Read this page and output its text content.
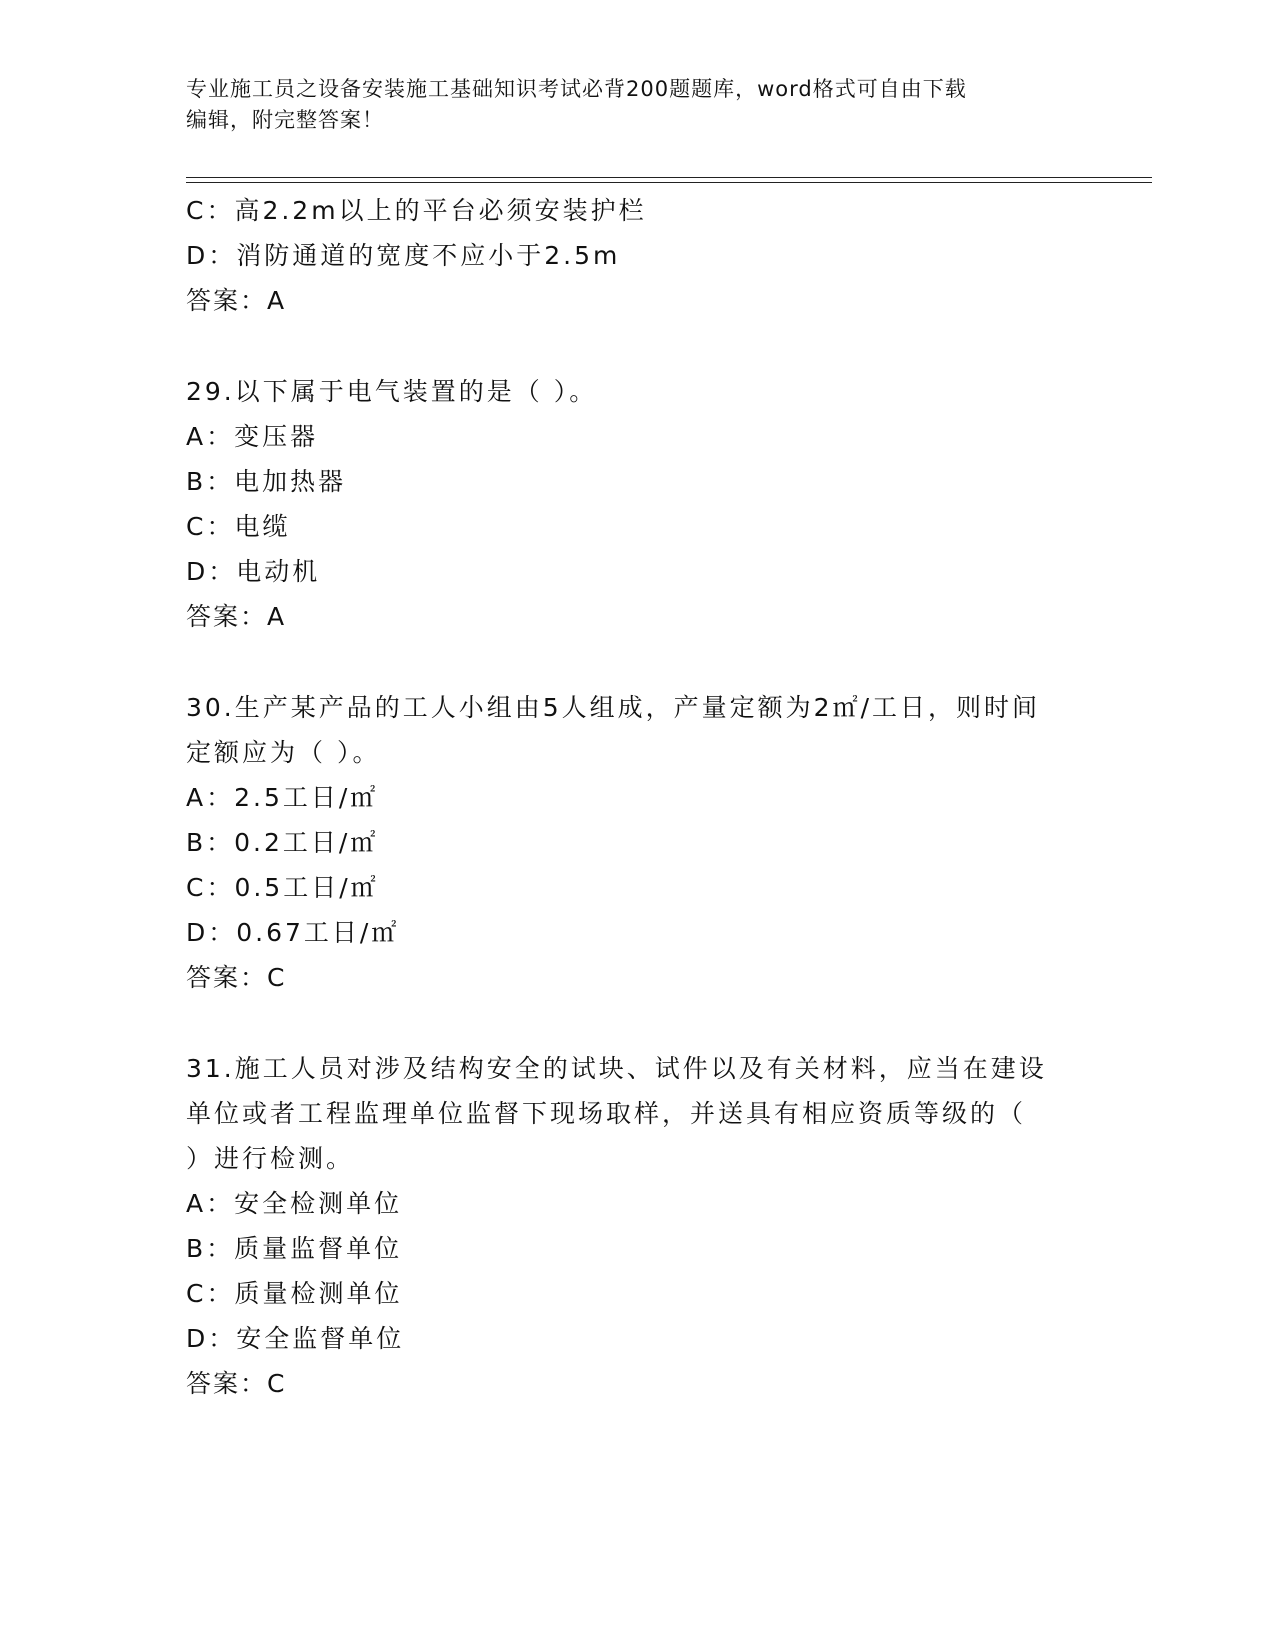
专业施工员之设备安装施工基础知识考试必背200题题库，word格式可自由下载
编辑，附完整答案！
C：高2.2m以上的平台必须安装护栏
D：消防通道的宽度不应小于2.5m
答案：A
29.以下属于电气装置的是（ ）。
A：变压器
B：电加热器
C：电缆
D：电动机
答案：A
30.生产某产品的工人小组由5人组成，产量定额为2㎡/工日，则时间
定额应为（ ）。
A：2.5工日/㎡
B：0.2工日/㎡
C：0.5工日/㎡
D：0.67工日/㎡
答案：C
31.施工人员对涉及结构安全的试块、试件以及有关材料，应当在建设
单位或者工程监理单位监督下现场取样，并送具有相应资质等级的（
）进行检测。
A：安全检测单位
B：质量监督单位
C：质量检测单位
D：安全监督单位
答案：C
